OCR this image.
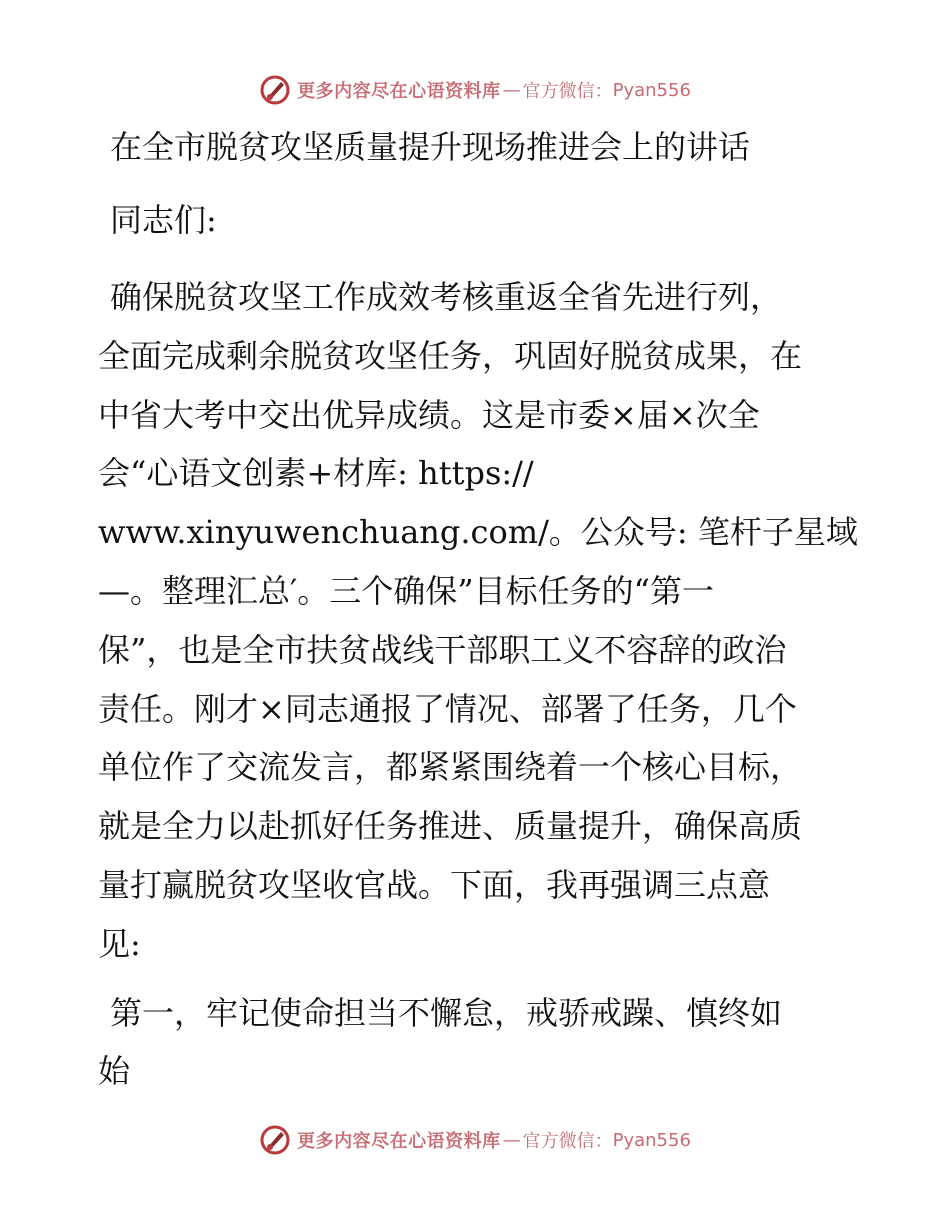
更多内容尽在心语资料库 — 官方微信： Pyan556

在全市脱贫攻坚质量提升现场推进会上的讲话

同志们:

确保脱贫攻坚工作成效考核重返全省先进行列，
全面完成剩余脱贫攻坚任务，巩固好脱贫成果，在
中省大考中交出优异成绩。这是市委×届×次全
会“心语文创素+材库: https://
www.xinyuwenchuang.com/。公众号: 笔杆子星域
—。整理汇总′。三个确保”目标任务的“第一
保”，也是全市扶贫战线干部职工义不容辞的政治
责任。刚才×同志通报了情况、部署了任务，几个
单位作了交流发言，都紧紧围绕着一个核心目标，
就是全力以赴抓好任务推进、质量提升，确保高质
量打赢脱贫攻坚收官战。下面，我再强调三点意
见:

第一，牢记使命担当不懈怠，戒骄戒躁、慎终如
始

更多内容尽在心语资料库 — 官方微信： Pyan556
